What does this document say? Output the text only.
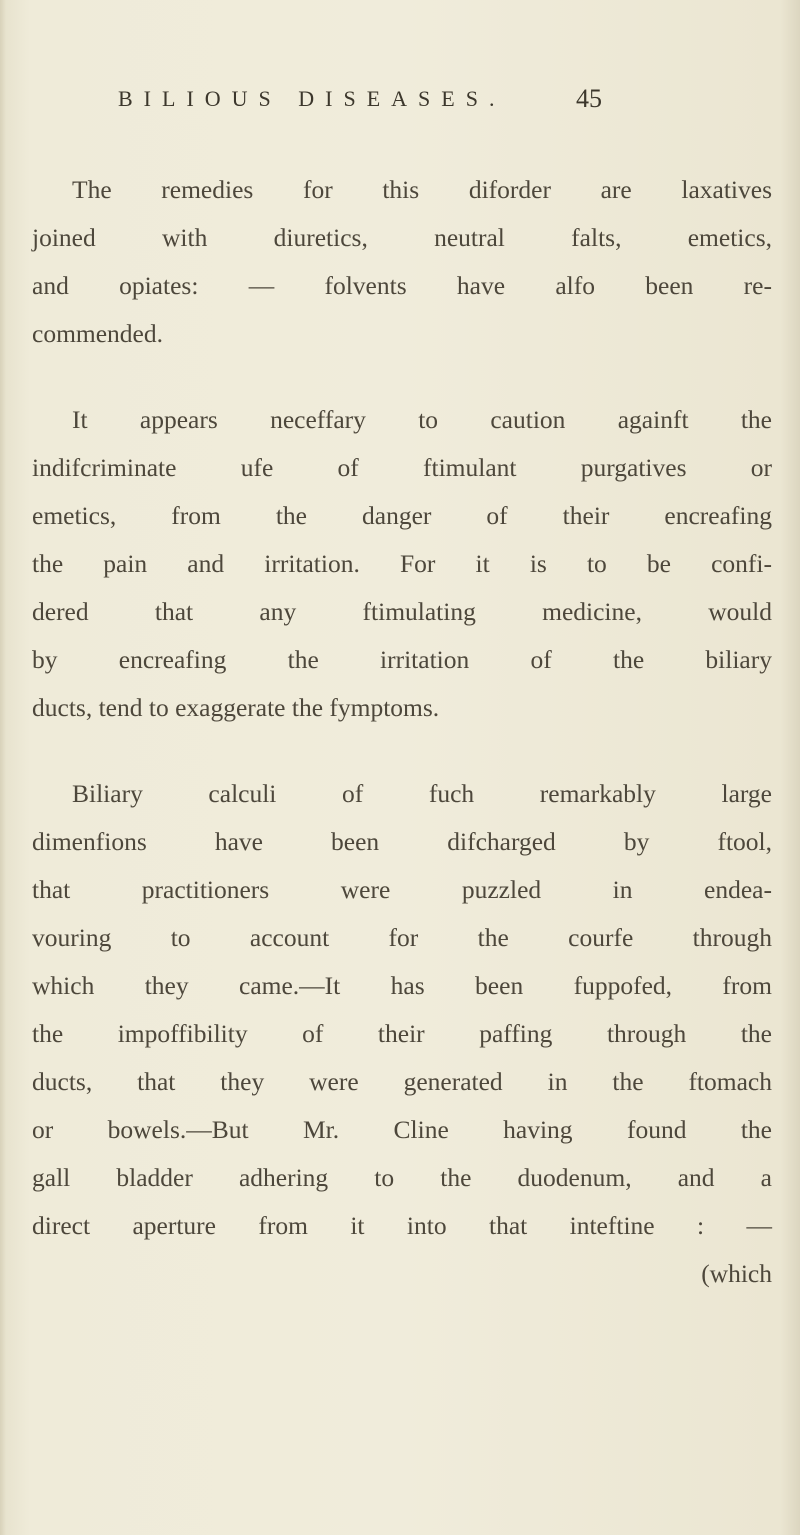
BILIOUS DISEASES.	45
The remedies for this diforder are laxatives
joined with diuretics, neutral falts, emetics,
and opiates: — folvents have alfo been re-
commended.
It appears neceffary to caution againft the
indifcriminate ufe of ftimulant purgatives or
emetics, from the danger of their encreafing
the pain and irritation. For it is to be confi-
dered that any ftimulating medicine, would
by encreafing the irritation of the biliary
ducts, tend to exaggerate the fymptoms.
Biliary calculi of fuch remarkably large
dimenfions have been difcharged by ftool,
that practitioners were puzzled in endea-
vouring to account for the courfe through
which they came.—It has been fuppofed, from
the impoffibility of their paffing through the
ducts, that they were generated in the ftomach
or bowels.—But Mr. Cline having found the
gall bladder adhering to the duodenum, and a
direct aperture from it into that inteftine : —
(which
